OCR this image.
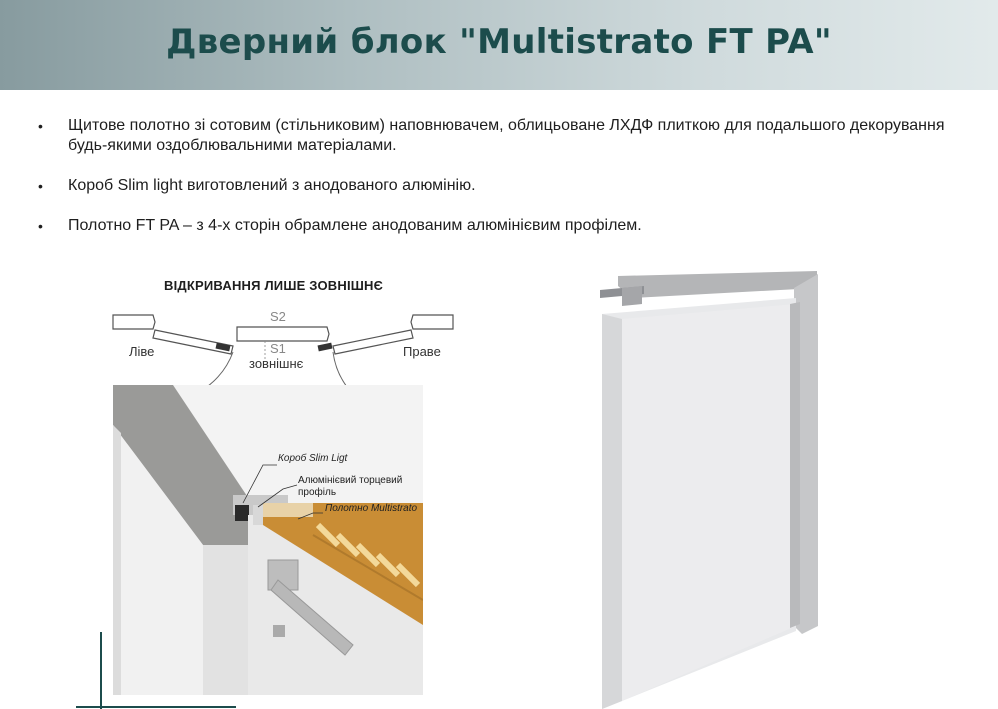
Дверний блок "Multistrato FT PA"
• Щитове полотно зі сотовим (стільниковим) наповнювачем, облицьоване ЛХДФ плиткою для подальшого декорування будь-якими оздоблювальними матеріалами.
• Короб Slim light виготовлений з анодованого алюмінію.
• Полотно FT PA – з 4-х сторін обрамлене анодованим алюмінієвим профілем.
ВІДКРИВАННЯ ЛИШЕ ЗОВНІШНЄ
Ліве	Праве
S2
S1
зовнішнє
Короб Slim Ligt
Алюмінієвий торцевий
профіль
Полотно Multistrato
